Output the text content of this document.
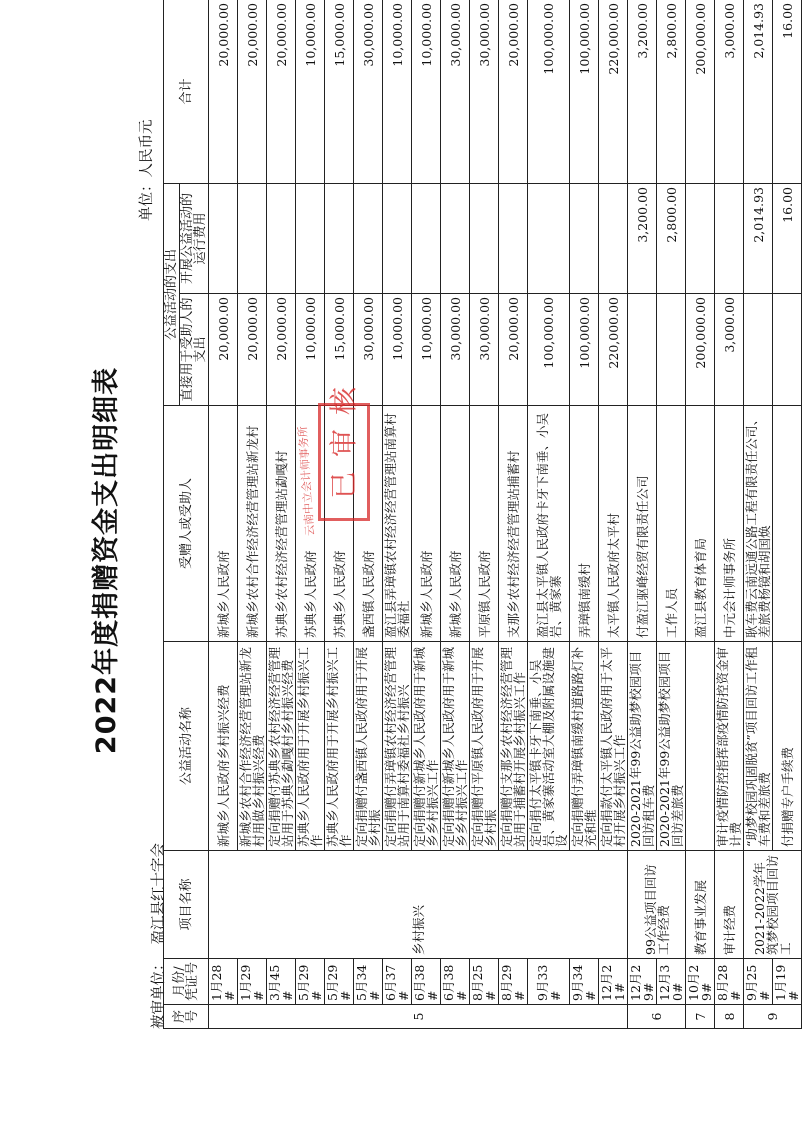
2022年度捐赠资金支出明细表
被审单位：盈江县红十字会
单位：人民币元
序号	月份/凭证号	项目名称	公益活动名称	受赠人或受助人	公益活动的支出		合计
					直接用于受助人的支出	开展公益活动的运行费用	
5	1月28#	乡村振兴	新城乡人民政府乡村振兴经费	新城乡人民政府	20,000.00		20,000.00
	1月29#		新城乡农村合作经济经营管理站新龙村用做乡村振兴经费	新城乡农村合作经济经营管理站新龙村	20,000.00		20,000.00
	3月45#		定向捐赠付苏典乡农村经济经营管理站用于苏典乡勐嘎村乡村振兴经费	苏典乡农村经济经营管理站勐嘎村	20,000.00		20,000.00
	5月29#		苏典乡人民政府用于开展乡村振兴工作	苏典乡人民政府	10,000.00		10,000.00
	5月29#		苏典乡人民政府用于开展乡村振兴工作	苏典乡人民政府	15,000.00		15,000.00
	5月34#		定向捐赠付盏西镇人民政府用于开展乡村振	盏西镇人民政府	30,000.00		30,000.00
	6月37#		定向捐赠付弄璋镇农村经济经营管理站用于南算村委福社乡村振兴	盈江县弄璋镇农村经济经营管理站南算村委福社	10,000.00		10,000.00
	6月38#		定向捐赠付新城乡人民政府用于新城乡乡村振兴工作	新城乡人民政府	10,000.00		10,000.00
	6月38#		定向捐赠付新城乡人民政府用于新城乡乡村振兴工作	新城乡人民政府	30,000.00		30,000.00
	8月25#		定向捐赠付平原镇人民政府用于开展乡村振	平原镇人民政府	30,000.00		30,000.00
	8月29#		定向捐赠付支那乡农村经济经营管理站用于捕蓄村开展乡村振兴工作	支那乡农村经济经营管理站捕蓄村	20,000.00		20,000.00
	9月33#		定向捐付太平镇卡牙下南垂、小吴岩、黄家寨活动室大棚及附属设施建设	盈江县太平镇人民政府卡牙下南垂、小吴岩、黄家寨	100,000.00		100,000.00
	9月34#		定向捐赠付弄璋镇南缓村道路路灯补充和维	弄璋镇南缓村	100,000.00		100,000.00
	12月21#		定向捐款付太平镇人民政府用于太平村开展乡村振兴工作	太平镇人民政府太平村	220,000.00		220,000.00
6	12月29#	99公益项目回访工作经费	2020-2021年99公益助梦校园项目回访租车费	付盈江驱峰经贸有限责任公司		3,200.00	3,200.00
	12月30#		2020-2021年99公益助梦校园项目回访差旅费	工作人员		2,800.00	2,800.00
7	10月29#	教育事业发展		盈江县教育体育局	200,000.00		200,000.00
8	8月28#	审计经费	审计疫情防控指挥部疫情防控资金审计费	中元会计师事务所	3,000.00		3,000.00
9	9月25#	2021-2022学年筑梦校园项目回访工	“助梦校园巩固脱贫”项目回访工作租车费和差旅费	耿车费云南远通公路工程有限责任公司、差旅费杨镜和胡国焕		2,014.93	2,014.93
	1月19#		付捐赠专户手续费			16.00	16.00
已审核
云南中立会计师事务所
